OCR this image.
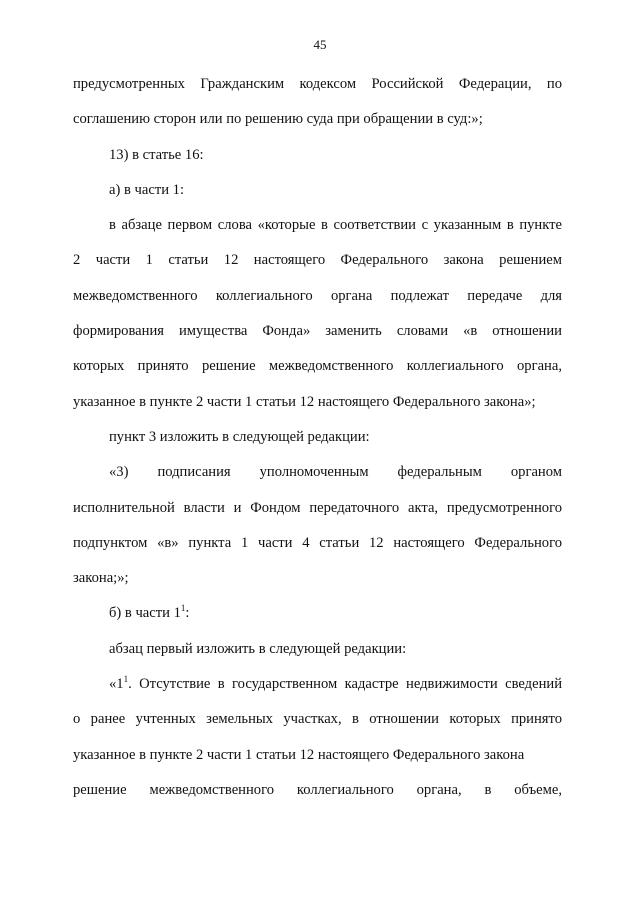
45
предусмотренных Гражданским кодексом Российской Федерации, по
соглашению сторон или по решению суда при обращении в суд:»;
13) в статье 16:
а) в части 1:
в абзаце первом слова «которые в соответствии с указанным в пункте
2 части 1 статьи 12 настоящего Федерального закона решением
межведомственного коллегиального органа подлежат передаче для
формирования имущества Фонда» заменить словами «в отношении
которых принято решение межведомственного коллегиального органа,
указанное в пункте 2 части 1 статьи 12 настоящего Федерального закона»;
пункт 3 изложить в следующей редакции:
«3) подписания уполномоченным федеральным органом
исполнительной власти и Фондом передаточного акта, предусмотренного
подпунктом «в» пункта 1 части 4 статьи 12 настоящего Федерального
закона;»;
б) в части $1^1$:
абзац первый изложить в следующей редакции:
«$1^1$. Отсутствие в государственном кадастре недвижимости сведений
о ранее учтенных земельных участках, в отношении которых принято
указанное в пункте 2 части 1 статьи 12 настоящего Федерального закона
решение межведомственного коллегиального органа, в объеме,
